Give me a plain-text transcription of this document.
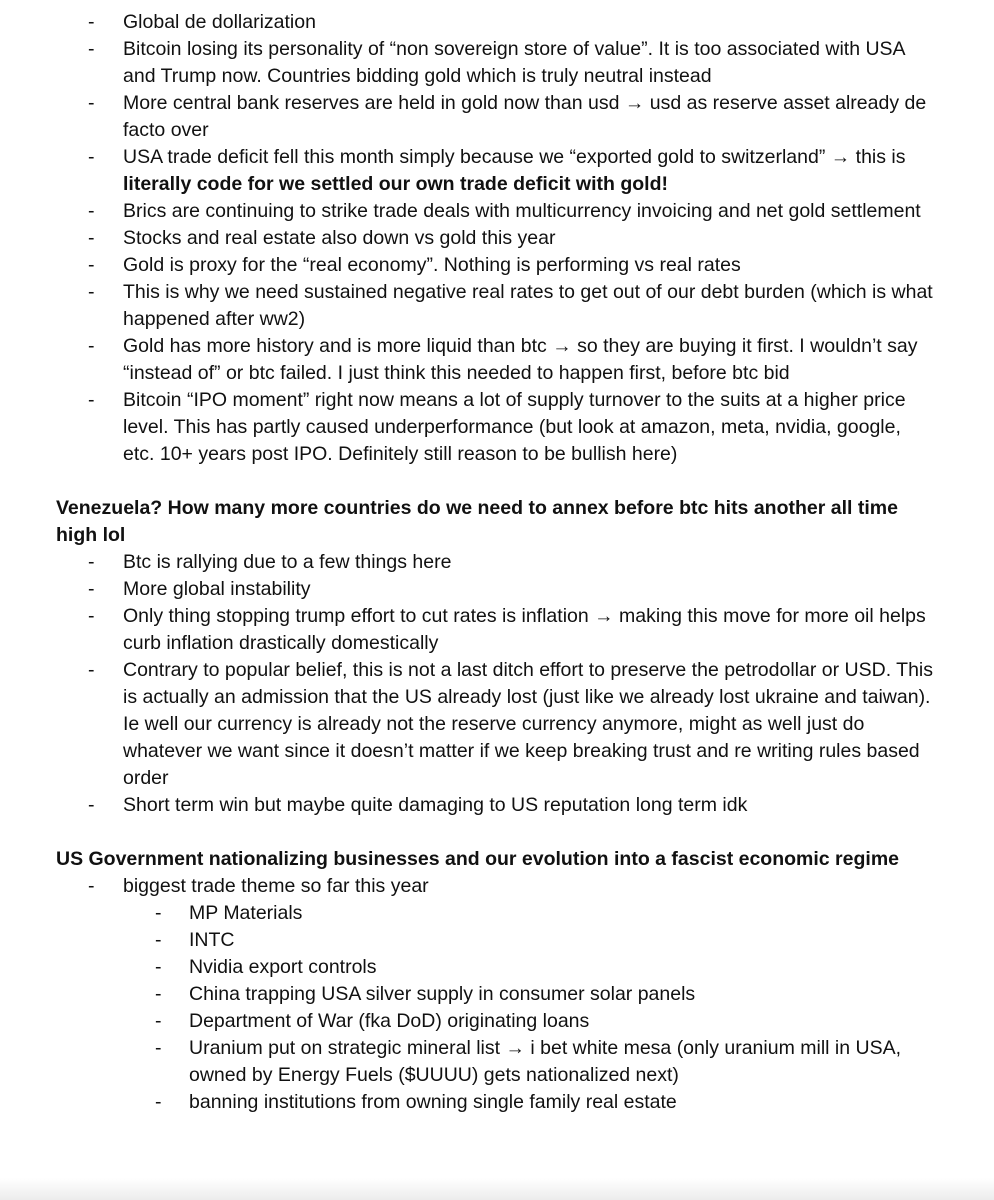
- Global de dollarization
- Bitcoin losing its personality of “non sovereign store of value”. It is too associated with USA and Trump now. Countries bidding gold which is truly neutral instead
- More central bank reserves are held in gold now than usd → usd as reserve asset already de facto over
- USA trade deficit fell this month simply because we “exported gold to switzerland” → this is literally code for we settled our own trade deficit with gold!
- Brics are continuing to strike trade deals with multicurrency invoicing and net gold settlement
- Stocks and real estate also down vs gold this year
- Gold is proxy for the “real economy”. Nothing is performing vs real rates
- This is why we need sustained negative real rates to get out of our debt burden (which is what happened after ww2)
- Gold has more history and is more liquid than btc → so they are buying it first. I wouldn’t say “instead of” or btc failed. I just think this needed to happen first, before btc bid
- Bitcoin “IPO moment” right now means a lot of supply turnover to the suits at a higher price level. This has partly caused underperformance (but look at amazon, meta, nvidia, google, etc. 10+ years post IPO. Definitely still reason to be bullish here)
Venezuela? How many more countries do we need to annex before btc hits another all time high lol
- Btc is rallying due to a few things here
- More global instability
- Only thing stopping trump effort to cut rates is inflation → making this move for more oil helps curb inflation drastically domestically
- Contrary to popular belief, this is not a last ditch effort to preserve the petrodollar or USD. This is actually an admission that the US already lost (just like we already lost ukraine and taiwan). Ie well our currency is already not the reserve currency anymore, might as well just do whatever we want since it doesn’t matter if we keep breaking trust and re writing rules based order
- Short term win but maybe quite damaging to US reputation long term idk
US Government nationalizing businesses and our evolution into a fascist economic regime
- biggest trade theme so far this year
- MP Materials
- INTC
- Nvidia export controls
- China trapping USA silver supply in consumer solar panels
- Department of War (fka DoD) originating loans
- Uranium put on strategic mineral list → i bet white mesa (only uranium mill in USA, owned by Energy Fuels ($UUUU) gets nationalized next)
- banning institutions from owning single family real estate
